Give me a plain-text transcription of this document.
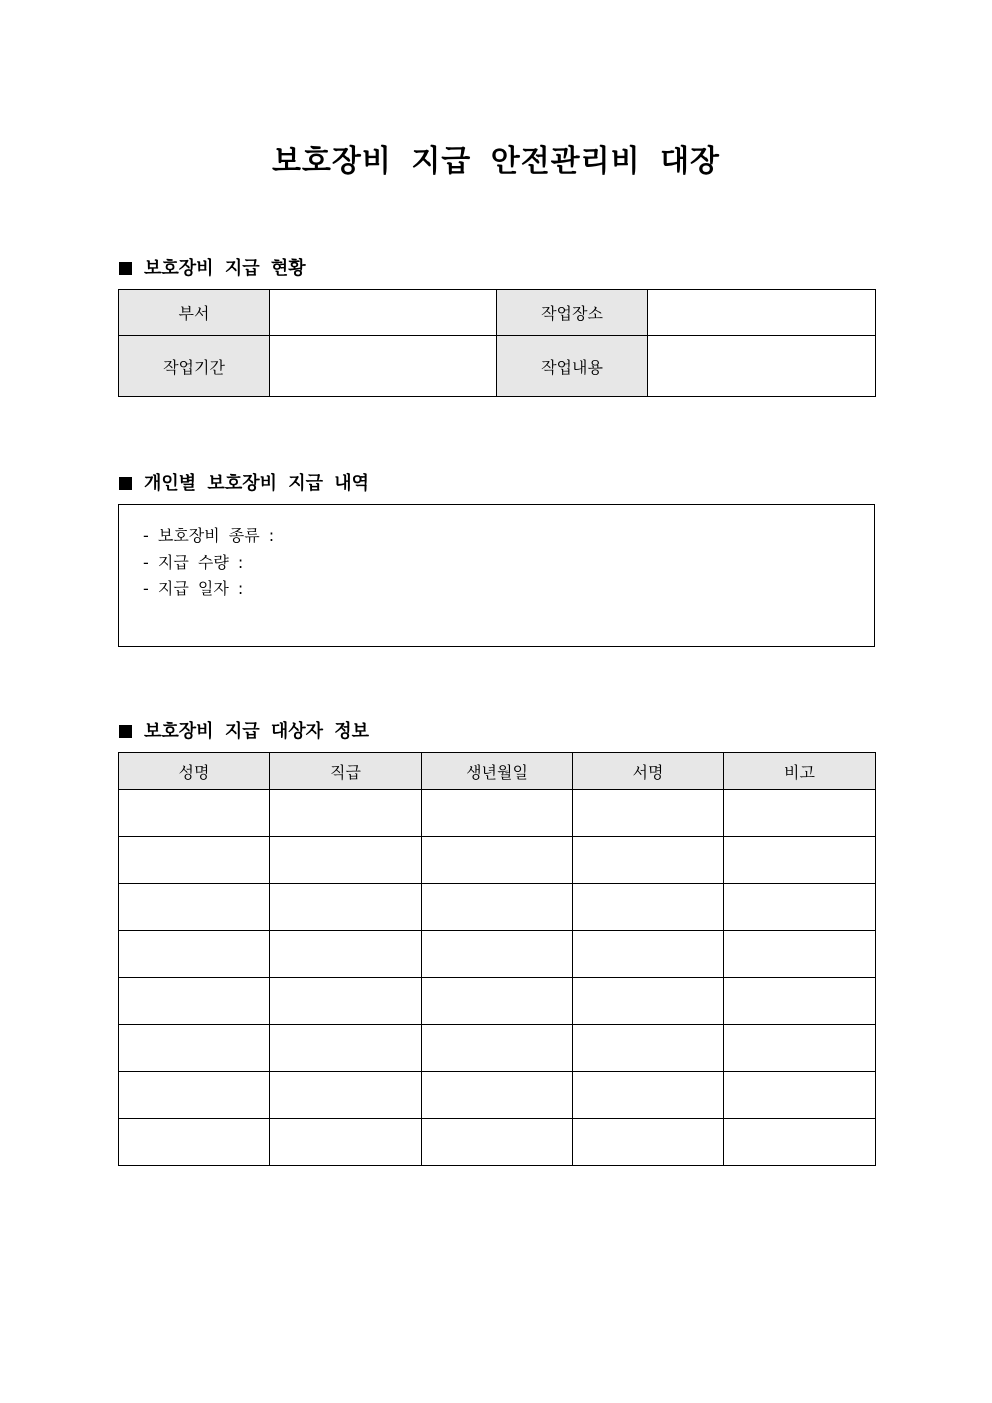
보호장비 지급 안전관리비 대장
보호장비 지급 현황
부서		작업장소	
작업기간		작업내용	
개인별 보호장비 지급 내역
- 보호장비 종류 :
- 지급 수량 :
- 지급 일자 :
보호장비 지급 대상자 정보
성명	직급	생년월일	서명	비고
